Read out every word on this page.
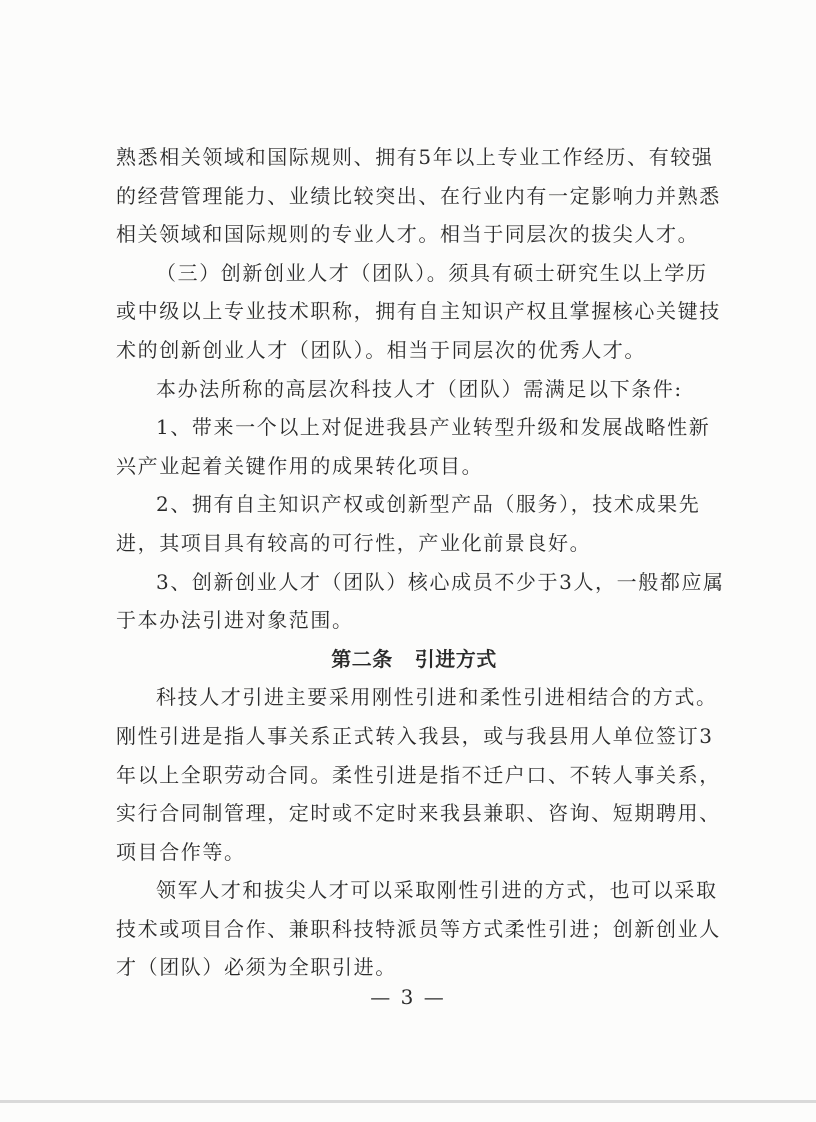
熟悉相关领域和国际规则、拥有5年以上专业工作经历、有较强
的经营管理能力、业绩比较突出、在行业内有一定影响力并熟悉
相关领域和国际规则的专业人才。相当于同层次的拔尖人才。
（三）创新创业人才（团队）。须具有硕士研究生以上学历
或中级以上专业技术职称，拥有自主知识产权且掌握核心关键技
术的创新创业人才（团队）。相当于同层次的优秀人才。
本办法所称的高层次科技人才（团队）需满足以下条件:
1、带来一个以上对促进我县产业转型升级和发展战略性新
兴产业起着关键作用的成果转化项目。
2、拥有自主知识产权或创新型产品（服务），技术成果先
进，其项目具有较高的可行性，产业化前景良好。
3、创新创业人才（团队）核心成员不少于3人，一般都应属
于本办法引进对象范围。
第二条 引进方式
科技人才引进主要采用刚性引进和柔性引进相结合的方式。
刚性引进是指人事关系正式转入我县，或与我县用人单位签订3
年以上全职劳动合同。柔性引进是指不迁户口、不转人事关系，
实行合同制管理，定时或不定时来我县兼职、咨询、短期聘用、
项目合作等。
领军人才和拔尖人才可以采取刚性引进的方式，也可以采取
技术或项目合作、兼职科技特派员等方式柔性引进；创新创业人
才（团队）必须为全职引进。
— 3 —
